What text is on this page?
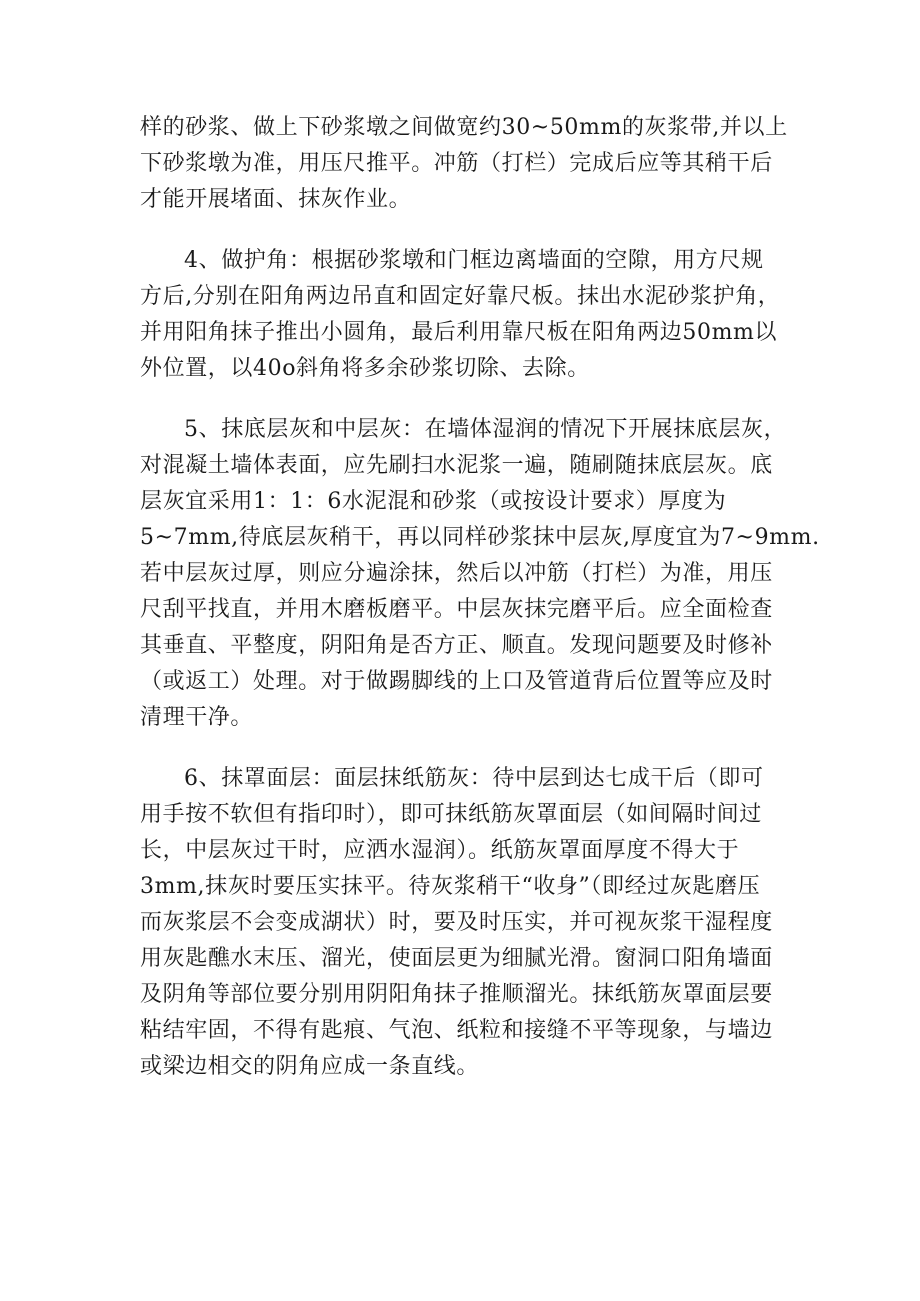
样的砂浆、做上下砂浆墩之间做宽约30~50mm的灰浆带,并以上
下砂浆墩为准，用压尺推平。冲筋（打栏）完成后应等其稍干后
才能开展堵面、抹灰作业。

4、做护角：根据砂浆墩和门框边离墙面的空隙，用方尺规
方后,分别在阳角两边吊直和固定好靠尺板。抹出水泥砂浆护角，
并用阳角抹子推出小圆角，最后利用靠尺板在阳角两边50mm以
外位置，以40o斜角将多余砂浆切除、去除。

5、抹底层灰和中层灰：在墙体湿润的情况下开展抹底层灰，
对混凝土墙体表面，应先刷扫水泥浆一遍，随刷随抹底层灰。底
层灰宜采用1：1：6水泥混和砂浆（或按设计要求）厚度为
5~7mm,待底层灰稍干，再以同样砂浆抹中层灰,厚度宜为7~9mm.
若中层灰过厚，则应分遍涂抹，然后以冲筋（打栏）为准，用压
尺刮平找直，并用木磨板磨平。中层灰抹完磨平后。应全面检查
其垂直、平整度，阴阳角是否方正、顺直。发现问题要及时修补
（或返工）处理。对于做踢脚线的上口及管道背后位置等应及时
清理干净。

6、抹罩面层：面层抹纸筋灰：待中层到达七成干后（即可
用手按不软但有指印时），即可抹纸筋灰罩面层（如间隔时间过
长，中层灰过干时，应洒水湿润）。纸筋灰罩面厚度不得大于
3mm,抹灰时要压实抹平。待灰浆稍干“收身”（即经过灰匙磨压
而灰浆层不会变成湖状）时，要及时压实，并可视灰浆干湿程度
用灰匙醮水末压、溜光，使面层更为细腻光滑。窗洞口阳角墙面
及阴角等部位要分别用阴阳角抹子推顺溜光。抹纸筋灰罩面层要
粘结牢固，不得有匙痕、气泡、纸粒和接缝不平等现象，与墙边
或梁边相交的阴角应成一条直线。
